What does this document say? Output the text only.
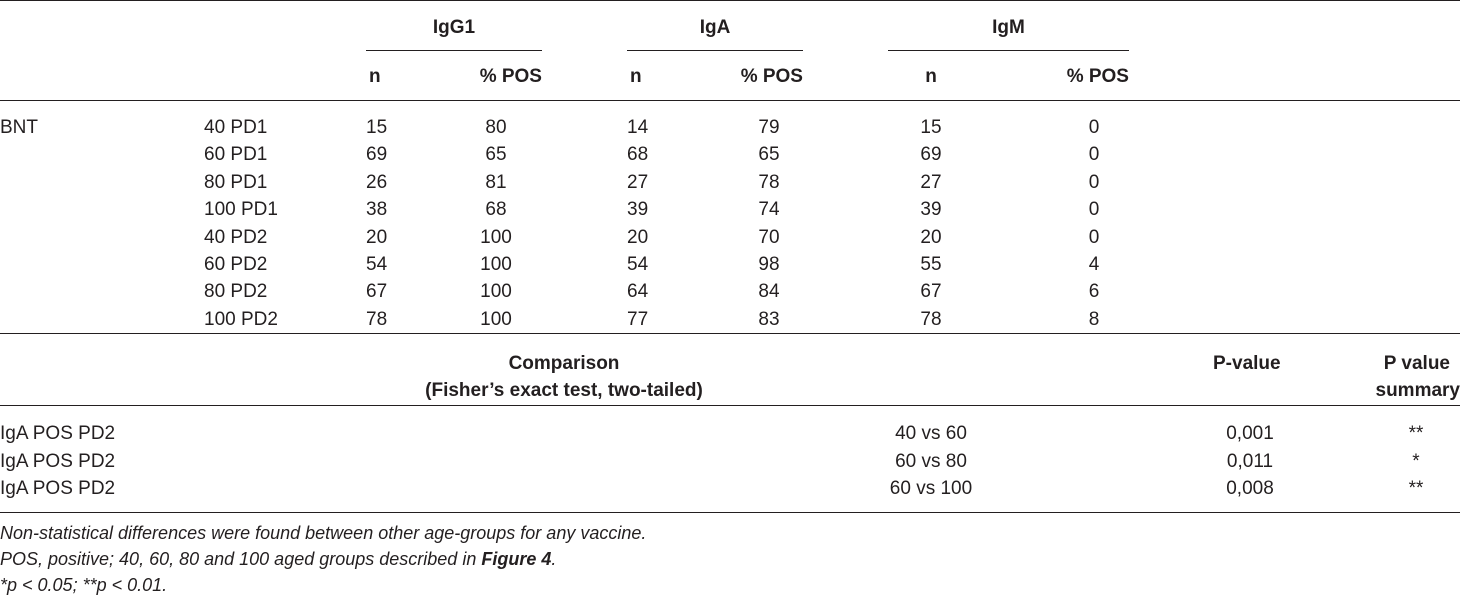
IgG1	IgA	IgM
n	% POS	n	% POS	n	% POS
BNT	40 PD1	15	80	14	79	15	0
60 PD1	69	65	68	65	69	0
80 PD1	26	81	27	78	27	0
100 PD1	38	68	39	74	39	0
40 PD2	20	100	20	70	20	0
60 PD2	54	100	54	98	55	4
80 PD2	67	100	64	84	67	6
100 PD2	78	100	77	83	78	8
Comparison
(Fisher’s exact test, two-tailed)
P-value	P value
summary
IgA POS PD2	40 vs 60	0,001	**
IgA POS PD2	60 vs 80	0,011	*
IgA POS PD2	60 vs 100	0,008	**
Non-statistical differences were found between other age-groups for any vaccine.
POS, positive; 40, 60, 80 and 100 aged groups described in Figure 4.
*p < 0.05; **p < 0.01.
